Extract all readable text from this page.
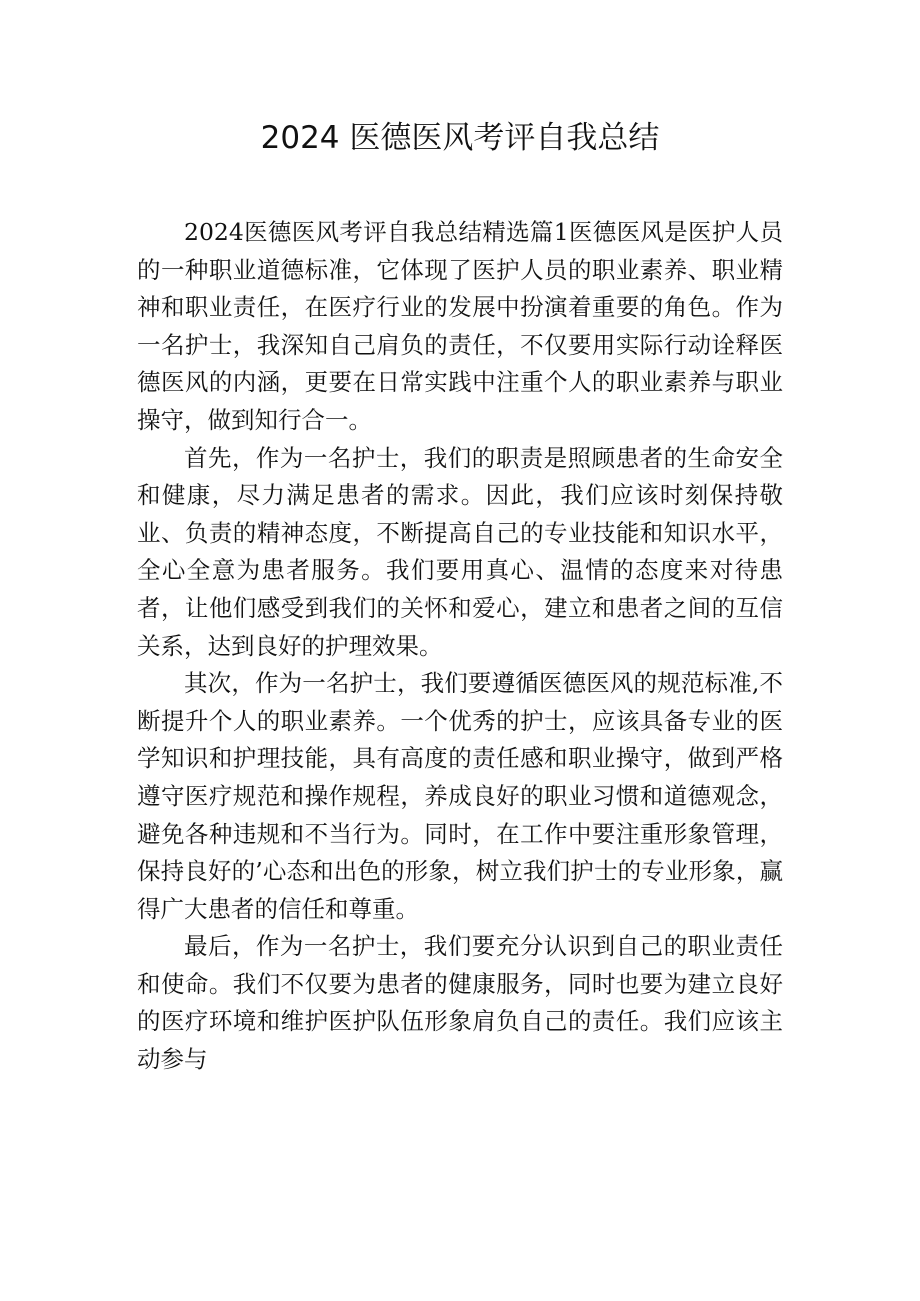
2024 医德医风考评自我总结

2024医德医风考评自我总结精选篇1医德医风是医护人员的一种职业道德标准，它体现了医护人员的职业素养、职业精神和职业责任，在医疗行业的发展中扮演着重要的角色。作为一名护士，我深知自己肩负的责任，不仅要用实际行动诠释医德医风的内涵，更要在日常实践中注重个人的职业素养与职业操守，做到知行合一。

首先，作为一名护士，我们的职责是照顾患者的生命安全和健康，尽力满足患者的需求。因此，我们应该时刻保持敬业、负责的精神态度，不断提高自己的专业技能和知识水平，全心全意为患者服务。我们要用真心、温情的态度来对待患者，让他们感受到我们的关怀和爱心，建立和患者之间的互信关系，达到良好的护理效果。

其次，作为一名护士，我们要遵循医德医风的规范标准,不断提升个人的职业素养。一个优秀的护士，应该具备专业的医学知识和护理技能，具有高度的责任感和职业操守，做到严格遵守医疗规范和操作规程，养成良好的职业习惯和道德观念，避免各种违规和不当行为。同时，在工作中要注重形象管理，保持良好的’心态和出色的形象，树立我们护士的专业形象，赢得广大患者的信任和尊重。

最后，作为一名护士，我们要充分认识到自己的职业责任和使命。我们不仅要为患者的健康服务，同时也要为建立良好的医疗环境和维护医护队伍形象肩负自己的责任。我们应该主动参与
